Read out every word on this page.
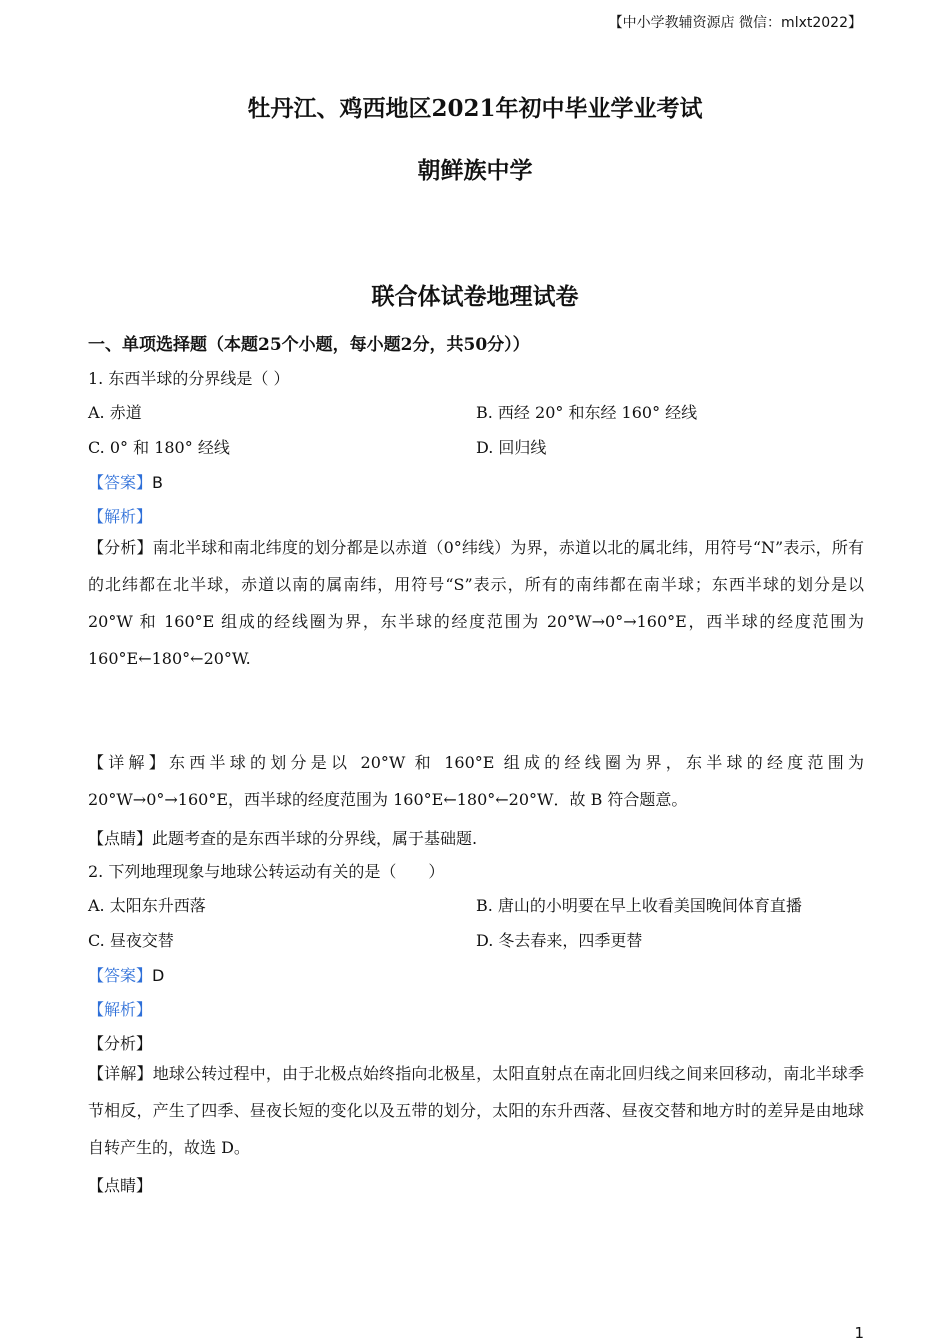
【中小学教辅资源店 微信：mlxt2022】
牡丹江、鸡西地区2021年初中毕业学业考试
朝鲜族中学
联合体试卷地理试卷
一、单项选择题（本题25个小题，每小题2分，共50分））
1. 东西半球的分界线是（ ）
A. 赤道	B. 西经 20° 和东经 160° 经线
C. 0° 和 180° 经线	D. 回归线
【答案】B
【解析】
【分析】南北半球和南北纬度的划分都是以赤道（0°纬线）为界，赤道以北的属北纬，用符号“N”表示，所有的北纬都在北半球，赤道以南的属南纬，用符号“S”表示，所有的南纬都在南半球；东西半球的划分是以 20°W 和 160°E 组成的经线圈为界，东半球的经度范围为 20°W→0°→160°E，西半球的经度范围为 160°E←180°←20°W.
【详解】东西半球的划分是以 20°W 和 160°E 组成的经线圈为界，东半球的经度范围为 20°W→0°→160°E，西半球的经度范围为 160°E←180°←20°W．故 B 符合题意。
【点睛】此题考查的是东西半球的分界线，属于基础题.
2. 下列地理现象与地球公转运动有关的是（　　）
A. 太阳东升西落	B. 唐山的小明要在早上收看美国晚间体育直播
C. 昼夜交替	D. 冬去春来，四季更替
【答案】D
【解析】
【分析】
【详解】地球公转过程中，由于北极点始终指向北极星，太阳直射点在南北回归线之间来回移动，南北半球季节相反，产生了四季、昼夜长短的变化以及五带的划分，太阳的东升西落、昼夜交替和地方时的差异是由地球自转产生的，故选 D。
【点睛】
1
